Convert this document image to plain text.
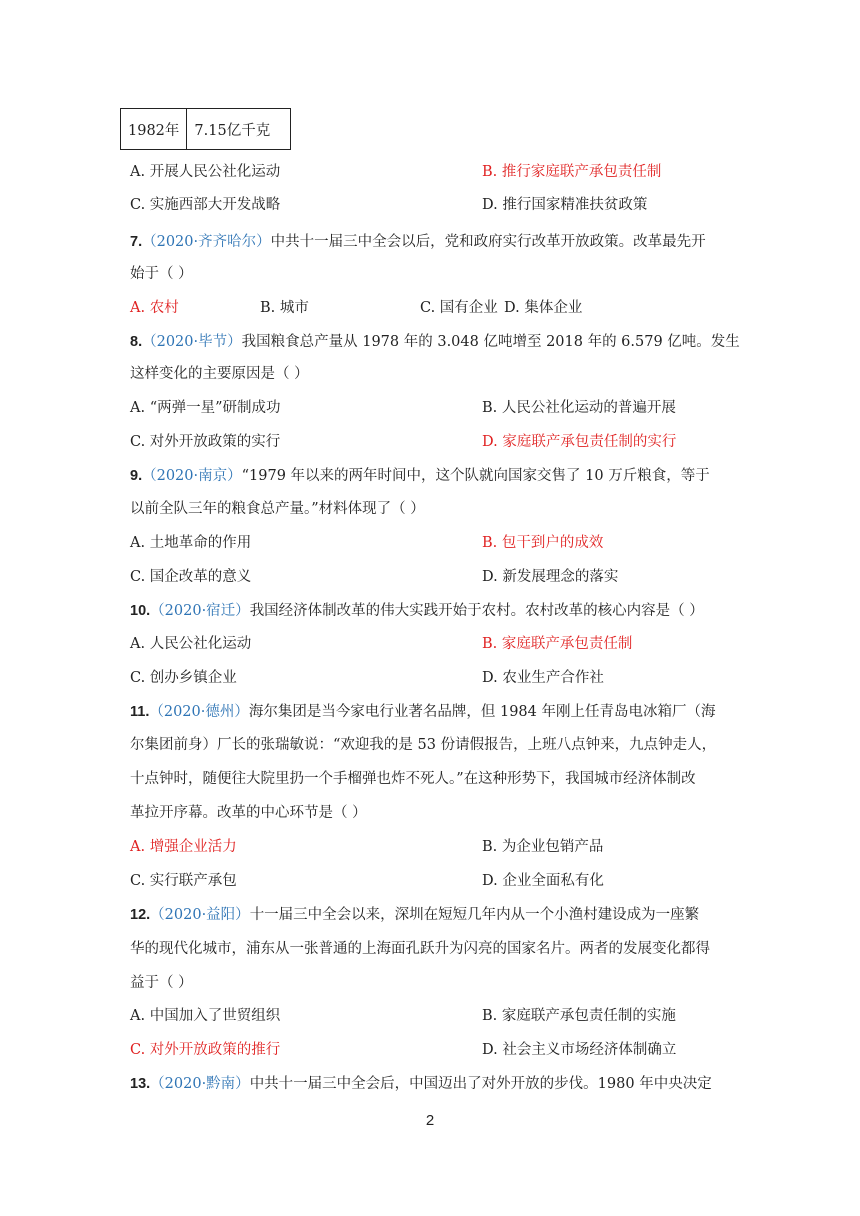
1982年	7.15亿千克
A. 开展人民公社化运动	B. 推行家庭联产承包责任制
C. 实施西部大开发战略	D. 推行国家精准扶贫政策
7.（2020·齐齐哈尔）中共十一届三中全会以后，党和政府实行改革开放政策。改革最先开
始于（ ）
A. 农村	B. 城市	C. 国有企业 D. 集体企业
8.（2020·毕节）我国粮食总产量从 1978 年的 3.048 亿吨增至 2018 年的 6.579 亿吨。发生
这样变化的主要原因是（ ）
A. “两弹一星”研制成功	B. 人民公社化运动的普遍开展
C. 对外开放政策的实行	D. 家庭联产承包责任制的实行
9.（2020·南京）“1979 年以来的两年时间中，这个队就向国家交售了 10 万斤粮食，等于
以前全队三年的粮食总产量。”材料体现了（ ）
A. 土地革命的作用	B. 包干到户的成效
C. 国企改革的意义	D. 新发展理念的落实
10.（2020·宿迁）我国经济体制改革的伟大实践开始于农村。农村改革的核心内容是（ ）
A. 人民公社化运动	B. 家庭联产承包责任制
C. 创办乡镇企业	D. 农业生产合作社
11.（2020·德州）海尔集团是当今家电行业著名品牌，但 1984 年刚上任青岛电冰箱厂（海
尔集团前身）厂长的张瑞敏说：“欢迎我的是 53 份请假报告，上班八点钟来，九点钟走人，
十点钟时，随便往大院里扔一个手榴弹也炸不死人。”在这种形势下，我国城市经济体制改
革拉开序幕。改革的中心环节是（ ）
A. 增强企业活力	B. 为企业包销产品
C. 实行联产承包	D. 企业全面私有化
12.（2020·益阳）十一届三中全会以来，深圳在短短几年内从一个小渔村建设成为一座繁
华的现代化城市，浦东从一张普通的上海面孔跃升为闪亮的国家名片。两者的发展变化都得
益于（ ）
A. 中国加入了世贸组织	B. 家庭联产承包责任制的实施
C. 对外开放政策的推行	D. 社会主义市场经济体制确立
13.（2020·黔南）中共十一届三中全会后，中国迈出了对外开放的步伐。1980 年中央决定
2
